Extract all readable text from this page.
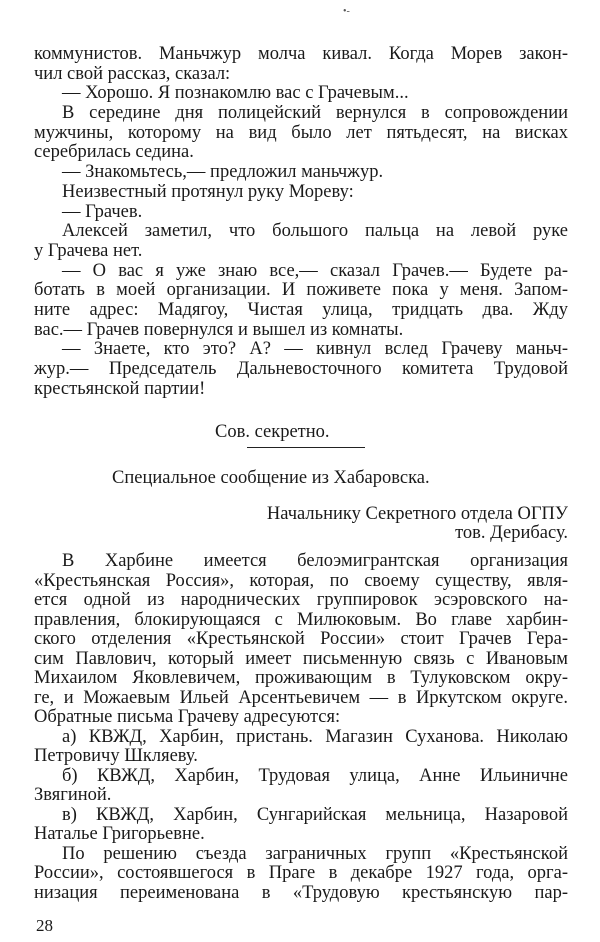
•-
коммунистов. Маньчжур молча кивал. Когда Морев закон-
чил свой рассказ, сказал:
— Хорошо. Я познакомлю вас с Грачевым...
В середине дня полицейский вернулся в сопровождении
мужчины, которому на вид было лет пятьдесят, на висках
серебрилась седина.
— Знакомьтесь,— предложил маньчжур.
Неизвестный протянул руку Мореву:
— Грачев.
Алексей заметил, что большого пальца на левой руке
у Грачева нет.
— О вас я уже знаю все,— сказал Грачев.— Будете ра-
ботать в моей организации. И поживете пока у меня. Запом-
ните адрес: Мадягоу, Чистая улица, тридцать два. Жду
вас.— Грачев повернулся и вышел из комнаты.
— Знаете, кто это? А? — кивнул вслед Грачеву маньч-
жур.— Председатель Дальневосточного комитета Трудовой
крестьянской партии!
Сов. секретно.
Специальное сообщение из Хабаровска.
Начальнику Секретного отдела ОГПУ
тов. Дерибасу.
В Харбине имеется белоэмигрантская организация
«Крестьянская Россия», которая, по своему существу, явля-
ется одной из народнических группировок эсэровского на-
правления, блокирующаяся с Милюковым. Во главе харбин-
ского отделения «Крестьянской России» стоит Грачев Гера-
сим Павлович, который имеет письменную связь с Ивановым
Михаилом Яковлевичем, проживающим в Тулуковском окру-
ге, и Можаевым Ильей Арсентьевичем — в Иркутском округе.
Обратные письма Грачеву адресуются:
а) КВЖД, Харбин, пристань. Магазин Суханова. Николаю
Петровичу Шкляеву.
б) КВЖД, Харбин, Трудовая улица, Анне Ильиничне
Звягиной.
в) КВЖД, Харбин, Сунгарийская мельница, Назаровой
Наталье Григорьевне.
По решению съезда заграничных групп «Крестьянской
России», состоявшегося в Праге в декабре 1927 года, орга-
низация переименована в «Трудовую крестьянскую пар-
28
